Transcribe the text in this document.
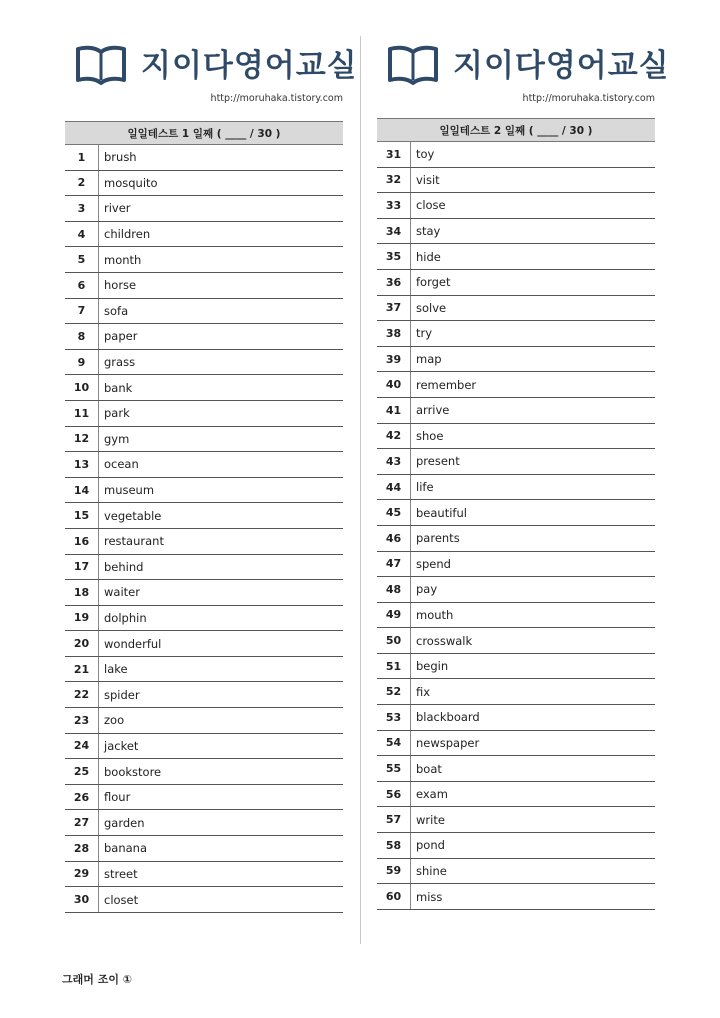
지이다영어교실
http://moruhaka.tistory.com
일일테스트 1 일째 ( ____ / 30 )
1	brush
2	mosquito
3	river
4	children
5	month
6	horse
7	sofa
8	paper
9	grass
10	bank
11	park
12	gym
13	ocean
14	museum
15	vegetable
16	restaurant
17	behind
18	waiter
19	dolphin
20	wonderful
21	lake
22	spider
23	zoo
24	jacket
25	bookstore
26	flour
27	garden
28	banana
29	street
30	closet
지이다영어교실
http://moruhaka.tistory.com
일일테스트 2 일째 ( ____ / 30 )
31	toy
32	visit
33	close
34	stay
35	hide
36	forget
37	solve
38	try
39	map
40	remember
41	arrive
42	shoe
43	present
44	life
45	beautiful
46	parents
47	spend
48	pay
49	mouth
50	crosswalk
51	begin
52	fix
53	blackboard
54	newspaper
55	boat
56	exam
57	write
58	pond
59	shine
60	miss
그래머 조이 ①
